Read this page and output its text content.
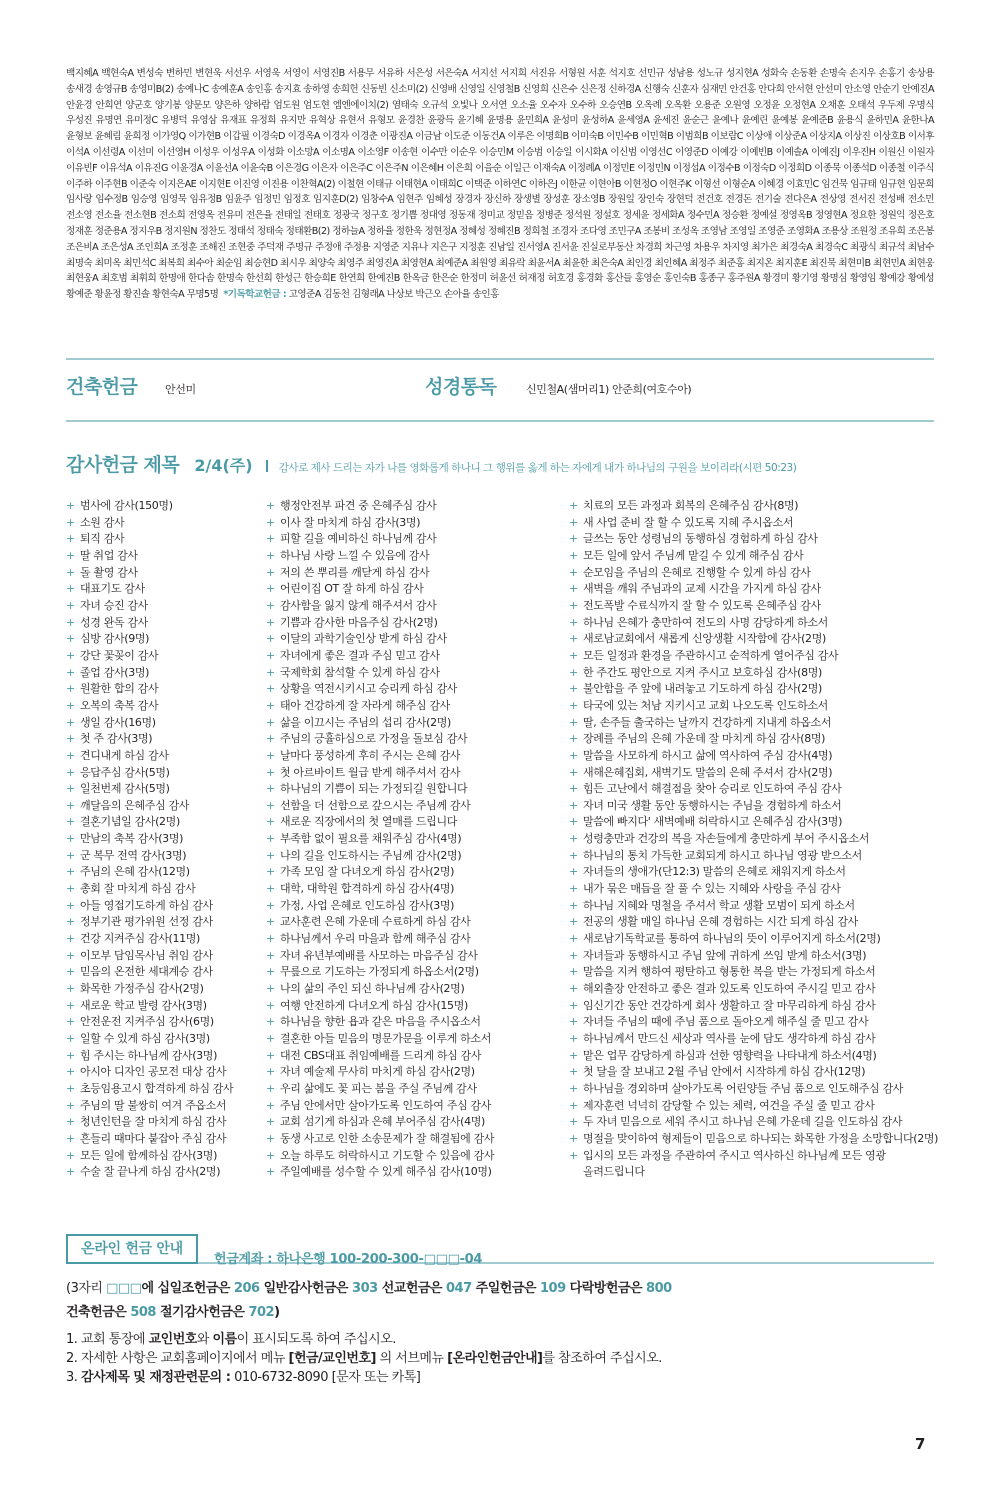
백지혜A 백현숙A 변성숙 변하민 변현욱 서선우 서영욱 서영이 서영진B 서용무 서유하 서은성 서은숙A 서지선 서지희 서진유 서형원 서훈 석지호 선민규 성남용 성노규 성지현A 성화숙 손동환 손명숙 손지우 손홍기 송상용 송새경 송영규B 송영미B(2) 송예나C 송예훈A 송인홍 송지효 송하영 송희헌 신동빈 신소미(2) 신영배 신영일 신영철B 신영희 신은수 신은정 신하경A 신행숙 신훈자 심재민 안건홍 안다희 안서현 안선미 안소영 안순기 안예진A 안윤경 안희연 양군호 양기봉 양문모 양은하 양하람 엄도원 엄도현 엠엔에이치(2) 염태숙 오규석 오빛나 오서연 오소율 오수자 오수하 오승연B 오옥례 오옥환 오용준 오원영 오정윤 오정현A 오채훈 오태석 우두제 우명식 우성진 유명연 유미정C 유병덕 유영삼 유재표 유정희 유지만 유혁상 유현서 유형모 윤경찬 윤광득 윤기혜 윤명용 윤민희A 윤성미 윤성하A 윤세영A 윤세진 윤순근 윤예나 윤예린 윤예봉 윤예준B 윤용식 윤하민A 윤한나A 윤형보 윤혜림 윤희정 이가영Q 이가현B 이갑필 이경숙D 이경옥A 이경자 이경춘 이광진A 이금남 이도준 이동건A 이루은 이명희B 이미숙B 이민수B 이민혁B 이범희B 이보람C 이상애 이상준A 이상지A 이상진 이상호B 이서후 이석A 이선령A 이선미 이선영H 이성우 이성우A 이성화 이소망A 이소명A 이소영F 이송현 이수만 이순우 이승민M 이승범 이승일 이시화A 이신범 이영선C 이영준D 이예강 이예빈B 이예솔A 이예진J 이우진H 이원신 이원자 이유빈F 이유석A 이유진G 이윤경A 이윤선A 이윤숙B 이은경G 이은자 이은주C 이은주N 이은혜H 이은희 이을순 이일근 이재숙A 이정례A 이정민E 이정민N 이정섭A 이정수B 이정숙D 이정희D 이종묵 이종석D 이종철 이주식 이주하 이주현B 이준숙 이지은AE 이지현E 이진영 이진용 이찬혁A(2) 이철현 이태규 이태현A 이태희C 이택준 이하연C 이하은J 이한균 이현아B 이현정O 이현주K 이형선 이형순A 이혜경 이효민C 임건묵 임규태 임규현 임문희 임사랑 임수정B 임승영 임영묵 임유정B 임윤주 임정민 임정호 임지훈D(2) 임창수A 임현주 임혜성 장경자 장신하 장생별 장성훈 장소영B 장원일 장인숙 장현덕 전건호 전경돈 전기술 전다은A 전상영 전서진 전성배 전소민 전소영 전소율 전소현B 전소희 전영옥 전유미 전은율 전태일 전태호 정광국 정구호 정기쁨 정대영 정동재 정미교 정믿음 정병준 정석원 정설호 정세윤 정세화A 정수민A 정승환 정예설 정영옥B 정영현A 정요한 정원익 정은호 정재훈 정준용A 정지우B 정지원N 정찬도 정태석 정태숙 정태환B(2) 정하늘A 정하율 정한욱 정현정A 정혜성 정혜진B 정희철 조경자 조다영 조민구A 조봉비 조성옥 조영남 조영일 조영준 조영화A 조용상 조원정 조유희 조은봉 조은비A 조은성A 조인희A 조정훈 조해진 조현중 주덕재 주명규 주정애 주정용 지영준 지유나 지은구 지정훈 진남일 진서영A 진서윤 진실로부동산 차경희 차근영 차용우 차지영 최가은 최경숙A 최경숙C 최광식 최규석 최남수 최명숙 최미옥 최민석C 최복희 최수아 최순임 최승현D 최시우 최양숙 최영주 최영진A 최영현A 최예준A 최원영 최유락 최윤서A 최윤한 최은숙A 최인경 최인혜A 최정주 최준홍 최지온 최지훈E 최진묵 최현미B 최현민A 최현웅 최현웅A 최호범 최휘희 한명애 한다솜 한명숙 한선희 한성근 한승희E 한연희 한예진B 한옥금 한은순 한정미 허윤선 허재정 허호경 홍경화 홍산들 홍영순 홍인숙B 홍종구 홍주원A 황경미 황기영 황명심 황영임 황예강 황예성 황예준 황윤정 황진솔 황현숙A 무명5명 *기독학교헌금 : 고영준A 김동천 김형래A 나상보 박근오 손아율 송인홍
건축헌금	안선미	성경통독	신민철A(샘머리1) 안준희(여호수아)
감사헌금 제목 2/4(주) 감사로 제사 드리는 자가 나를 영화롭게 하나니 그 행위를 옳게 하는 자에게 내가 하나님의 구원을 보이리라(시편 50:23)
+ 범사에 감사(150명)
+ 소원 감사
+ 퇴직 감사
+ 딸 취업 감사
+ 돌 촬영 감사
+ 대표기도 감사
+ 자녀 승진 감사
+ 성경 완독 감사
+ 심방 감사(9명)
+ 강단 꽃꽂이 감사
+ 졸업 감사(3명)
+ 원활한 합의 감사
+ 오복의 축복 감사
+ 생일 감사(16명)
+ 첫 주 감사(3명)
+ 견디내게 하심 감사
+ 응답주심 감사(5명)
+ 일천번제 감사(5명)
+ 깨달음의 은혜주심 감사
+ 결혼기념일 감사(2명)
+ 만남의 축복 감사(3명)
+ 군 복무 전역 감사(3명)
+ 주님의 은혜 감사(12명)
+ 총회 잘 마치게 하심 감사
+ 아들 영접기도하게 하심 감사
+ 정부기관 평가위원 선정 감사
+ 건강 지켜주심 감사(11명)
+ 이모부 담임목사님 취임 감사
+ 믿음의 온전한 세대계승 감사
+ 화목한 가정주심 감사(2명)
+ 새로운 학교 발령 감사(3명)
+ 안전운전 지켜주심 감사(6명)
+ 일할 수 있게 하심 감사(3명)
+ 힘 주시는 하나님께 감사(3명)
+ 아시아 디자인 공모전 대상 감사
+ 초등임용고시 합격하게 하심 감사
+ 주님의 딸 불쌍히 여겨 주옵소서
+ 청년인턴을 잘 마치게 하심 감사
+ 흔들리 때마다 붙잡아 주심 감사
+ 모든 일에 함께하심 감사(3명)
+ 수술 잘 끝나게 하심 감사(2명)
+ 행정안전부 파견 중 은혜주심 감사
+ 이사 잘 마치게 하심 감사(3명)
+ 피할 길을 예비하신 하나님께 감사
+ 하나님 사랑 느낄 수 있음에 감사
+ 저의 쓴 뿌리를 깨닫게 하심 감사
+ 어린이집 OT 잘 하게 하심 감사
+ 감사함을 잃지 않게 해주셔서 감사
+ 기쁨과 감사한 마음주심 감사(2명)
+ 이달의 과학기술인상 받게 하심 감사
+ 자녀에게 좋은 결과 주심 믿고 감사
+ 국제학회 참석할 수 있게 하심 감사
+ 상황을 역전시키시고 승리케 하심 감사
+ 태아 건강하게 잘 자라게 해주심 감사
+ 삶을 이끄시는 주님의 섭리 감사(2명)
+ 주님의 긍휼하심으로 가정을 돌보심 감사
+ 날마다 풍성하게 후히 주시는 은혜 감사
+ 첫 아르바이트 월급 받게 해주셔서 감사
+ 하나님의 기쁨이 되는 가정되길 원합니다
+ 선함을 더 선함으로 갚으시는 주님께 감사
+ 새로운 직장에서의 첫 열매를 드립니다
+ 부족함 없이 필요를 채워주심 감사(4명)
+ 나의 길을 인도하시는 주님께 감사(2명)
+ 가족 모임 잘 다녀오게 하심 감사(2명)
+ 대학, 대학원 합격하게 하심 감사(4명)
+ 가정, 사업 은혜로 인도하심 감사(3명)
+ 교사훈련 은혜 가운데 수료하게 하심 감사
+ 하나님께서 우리 마을과 함께 해주심 감사
+ 자녀 유년부예배를 사모하는 마음주심 감사
+ 무릎으로 기도하는 가정되게 하옵소서(2명)
+ 나의 삶의 주인 되신 하나님께 감사(2명)
+ 여행 안전하게 다녀오게 하심 감사(15명)
+ 하나님을 향한 욥과 같은 마음을 주시옵소서
+ 결혼한 아들 믿음의 명문가문을 이루게 하소서
+ 대전 CBS대표 취임예배를 드리게 하심 감사
+ 자녀 예술제 무사히 마치게 하심 감사(2명)
+ 우리 삶에도 꽃 피는 봄을 주실 주님께 감사
+ 주님 안에서만 살아가도록 인도하여 주심 감사
+ 교회 섬기게 하심과 은혜 부어주심 감사(4명)
+ 동생 사고로 인한 소송문제가 잘 해결됨에 감사
+ 오늘 하루도 허락하시고 기도할 수 있음에 감사
+ 주일예배를 성수할 수 있게 해주심 감사(10명)
+ 치료의 모든 과정과 회복의 은혜주심 감사(8명)
+ 새 사업 준비 잘 할 수 있도록 지혜 주시옵소서
+ 글쓰는 동안 성령님의 동행하심 경험하게 하심 감사
+ 모든 일에 앞서 주님께 맡길 수 있게 해주심 감사
+ 순모임을 주님의 은혜로 진행할 수 있게 하심 감사
+ 새벽을 깨워 주님과의 교제 시간을 가지게 하심 감사
+ 전도폭발 수료식까지 잘 할 수 있도록 은혜주심 감사
+ 하나님 은혜가 충만하여 전도의 사명 감당하게 하소서
+ 새로남교회에서 새롭게 신앙생활 시작함에 감사(2명)
+ 모든 일정과 환경을 주관하시고 순적하게 열어주심 감사
+ 한 주간도 평안으로 지켜 주시고 보호하심 감사(8명)
+ 불안함을 주 앞에 내려놓고 기도하게 하심 감사(2명)
+ 타국에 있는 처남 지키시고 교회 나오도록 인도하소서
+ 딸, 손주들 출국하는 날까지 건강하게 지내게 하옵소서
+ 장례를 주님의 은혜 가운데 잘 마치게 하심 감사(8명)
+ 말씀을 사모하게 하시고 삶에 역사하여 주심 감사(4명)
+ 새해은혜집회, 새벽기도 말씀의 은혜 주셔서 감사(2명)
+ 힘든 고난에서 해결점을 찾아 승리로 인도하여 주심 감사
+ 자녀 미국 생활 동안 동행하시는 주님을 경험하게 하소서
+ 말씀에 빠지다' 새벽예배 허락하시고 은혜주심 감사(3명)
+ 성령충만과 건강의 복을 자손들에게 충만하게 부어 주시옵소서
+ 하나님의 통치 가득한 교회되게 하시고 하나님 영광 받으소서
+ 자녀들의 생애가(단12:3) 말씀의 은혜로 채워지게 하소서
+ 내가 묶은 매듭을 잘 풀 수 있는 지혜와 사랑을 주심 감사
+ 하나님 지혜와 명철을 주셔서 학교 생활 모범이 되게 하소서
+ 전공의 생활 매일 하나님 은혜 경험하는 시간 되게 하심 감사
+ 새로남기독학교를 통하여 하나님의 뜻이 이루어지게 하소서(2명)
+ 자녀들과 동행하시고 주님 앞에 귀하게 쓰임 받게 하소서(3명)
+ 말씀을 지켜 행하여 평탄하고 형통한 복을 받는 가정되게 하소서
+ 해외출장 안전하고 좋은 결과 있도록 인도하여 주시길 믿고 감사
+ 임신기간 동안 건강하게 회사 생활하고 잘 마무리하게 하심 감사
+ 자녀들 주님의 때에 주님 품으로 돌아오게 해주실 줄 믿고 감사
+ 하나님께서 만드신 세상과 역사를 눈에 담도 생각하게 하심 감사
+ 맡은 업무 감당하게 하심과 선한 영향력을 나타내게 하소서(4명)
+ 첫 달을 잘 보내고 2월 주님 안에서 시작하게 하심 감사(12명)
+ 하나님을 경외하며 살아가도록 어린양들 주님 품으로 인도해주심 감사
+ 제자훈련 넉넉히 감당할 수 있는 체력, 여건을 주실 줄 믿고 감사
+ 두 자녀 믿음으로 세워 주시고 하나님 은혜 가운데 길을 인도하심 감사
+ 명절을 맞이하여 형제들이 믿음으로 하나되는 화목한 가정을 소망합니다(2명)
+ 입시의 모든 과정을 주관하여 주시고 역사하신 하나님께 모든 영광
올려드립니다
온라인 헌금 안내
헌금계좌 : 하나은행 100-200-300-□□□-04
(3자리 □□□에 십일조헌금은 206 일반감사헌금은 303 선교헌금은 047 주일헌금은 109 다락방헌금은 800
건축헌금은 508 절기감사헌금은 702)
1. 교회 통장에 교인번호와 이름이 표시되도록 하여 주십시오.
2. 자세한 사항은 교회홈페이지에서 메뉴 [헌금/교인번호] 의 서브메뉴 [온라인헌금안내]를 참조하여 주십시오.
3. 감사제목 및 재정관련문의 : 010-6732-8090 [문자 또는 카톡]
7
